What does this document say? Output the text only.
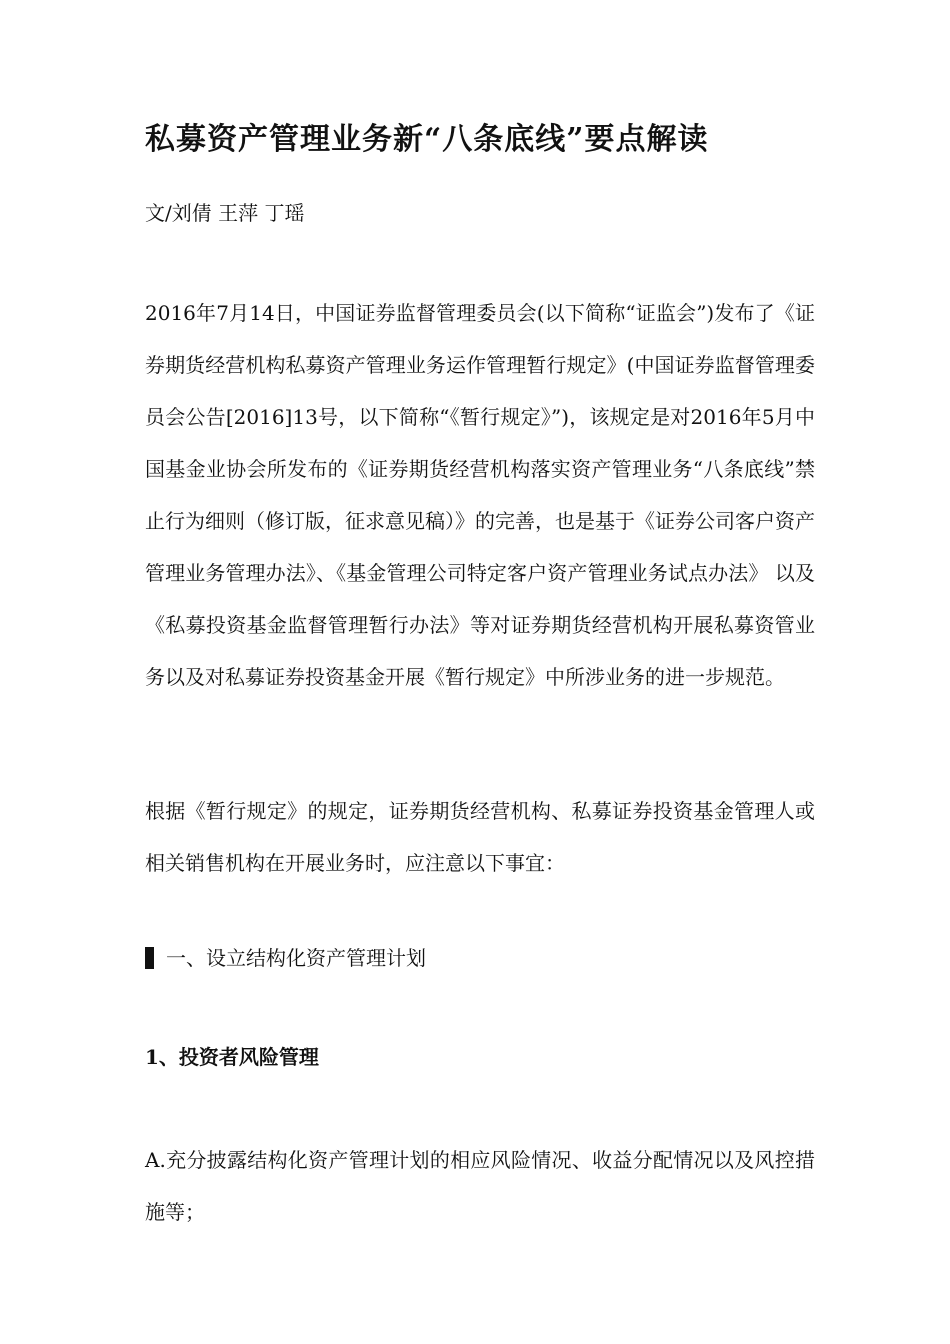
私募资产管理业务新“八条底线”要点解读
文/刘倩 王萍 丁瑶
2016年7月14日，中国证券监督管理委员会(以下简称“证监会”)发布了《证券期货经营机构私募资产管理业务运作管理暂行规定》(中国证券监督管理委员会公告[2016]13号，以下简称“《暂行规定》”)，该规定是对2016年5月中国基金业协会所发布的《证券期货经营机构落实资产管理业务“八条底线”禁止行为细则（修订版，征求意见稿）》的完善，也是基于《证券公司客户资产管理业务管理办法》、《基金管理公司特定客户资产管理业务试点办法》 以及《私募投资基金监督管理暂行办法》等对证券期货经营机构开展私募资管业务以及对私募证券投资基金开展《暂行规定》中所涉业务的进一步规范。
根据《暂行规定》的规定，证券期货经营机构、私募证券投资基金管理人或相关销售机构在开展业务时，应注意以下事宜：
一、设立结构化资产管理计划
1、投资者风险管理
A.充分披露结构化资产管理计划的相应风险情况、收益分配情况以及风控措施等；
